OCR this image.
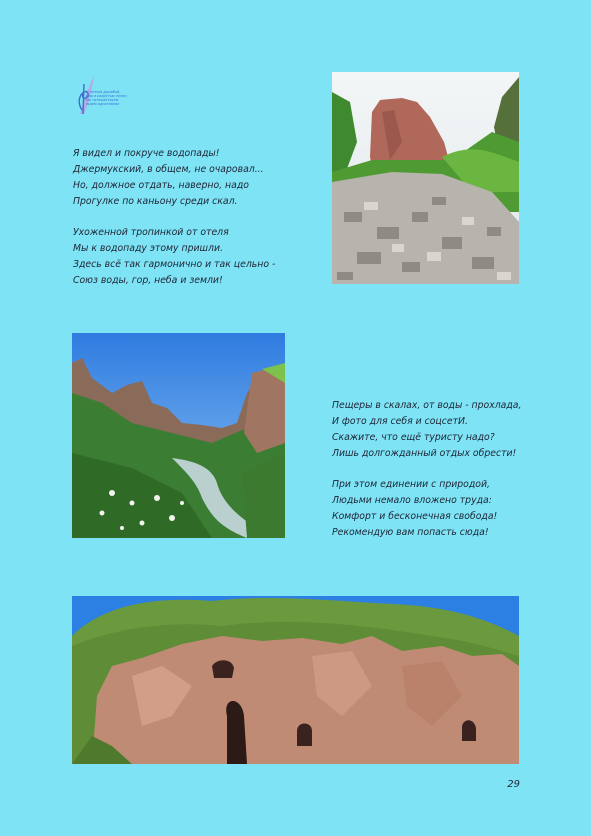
С теплой дружбой,
мир и радостью полон,
мы путешествуем
прямо вдохновляя
Я видел и покруче водопады!
Джермукский, в общем, не очаровал...
Но, должное отдать, наверно, надо
Прогулке по каньону среди скал.
Ухоженной тропинкой от отеля
Мы к водопаду этому пришли.
Здесь всё так гармонично и так цельно -
Союз воды, гор, неба и земли!
Пещеры в скалах, от воды - прохлада,
И фото для себя и соцсетИ.
Скажите, что ещё туристу надо?
Лишь долгожданный отдых обрести!
При этом единении с природой,
Людьми немало вложено труда:
Комфорт и бесконечная свобода!
Рекомендую вам попасть сюда!
29
